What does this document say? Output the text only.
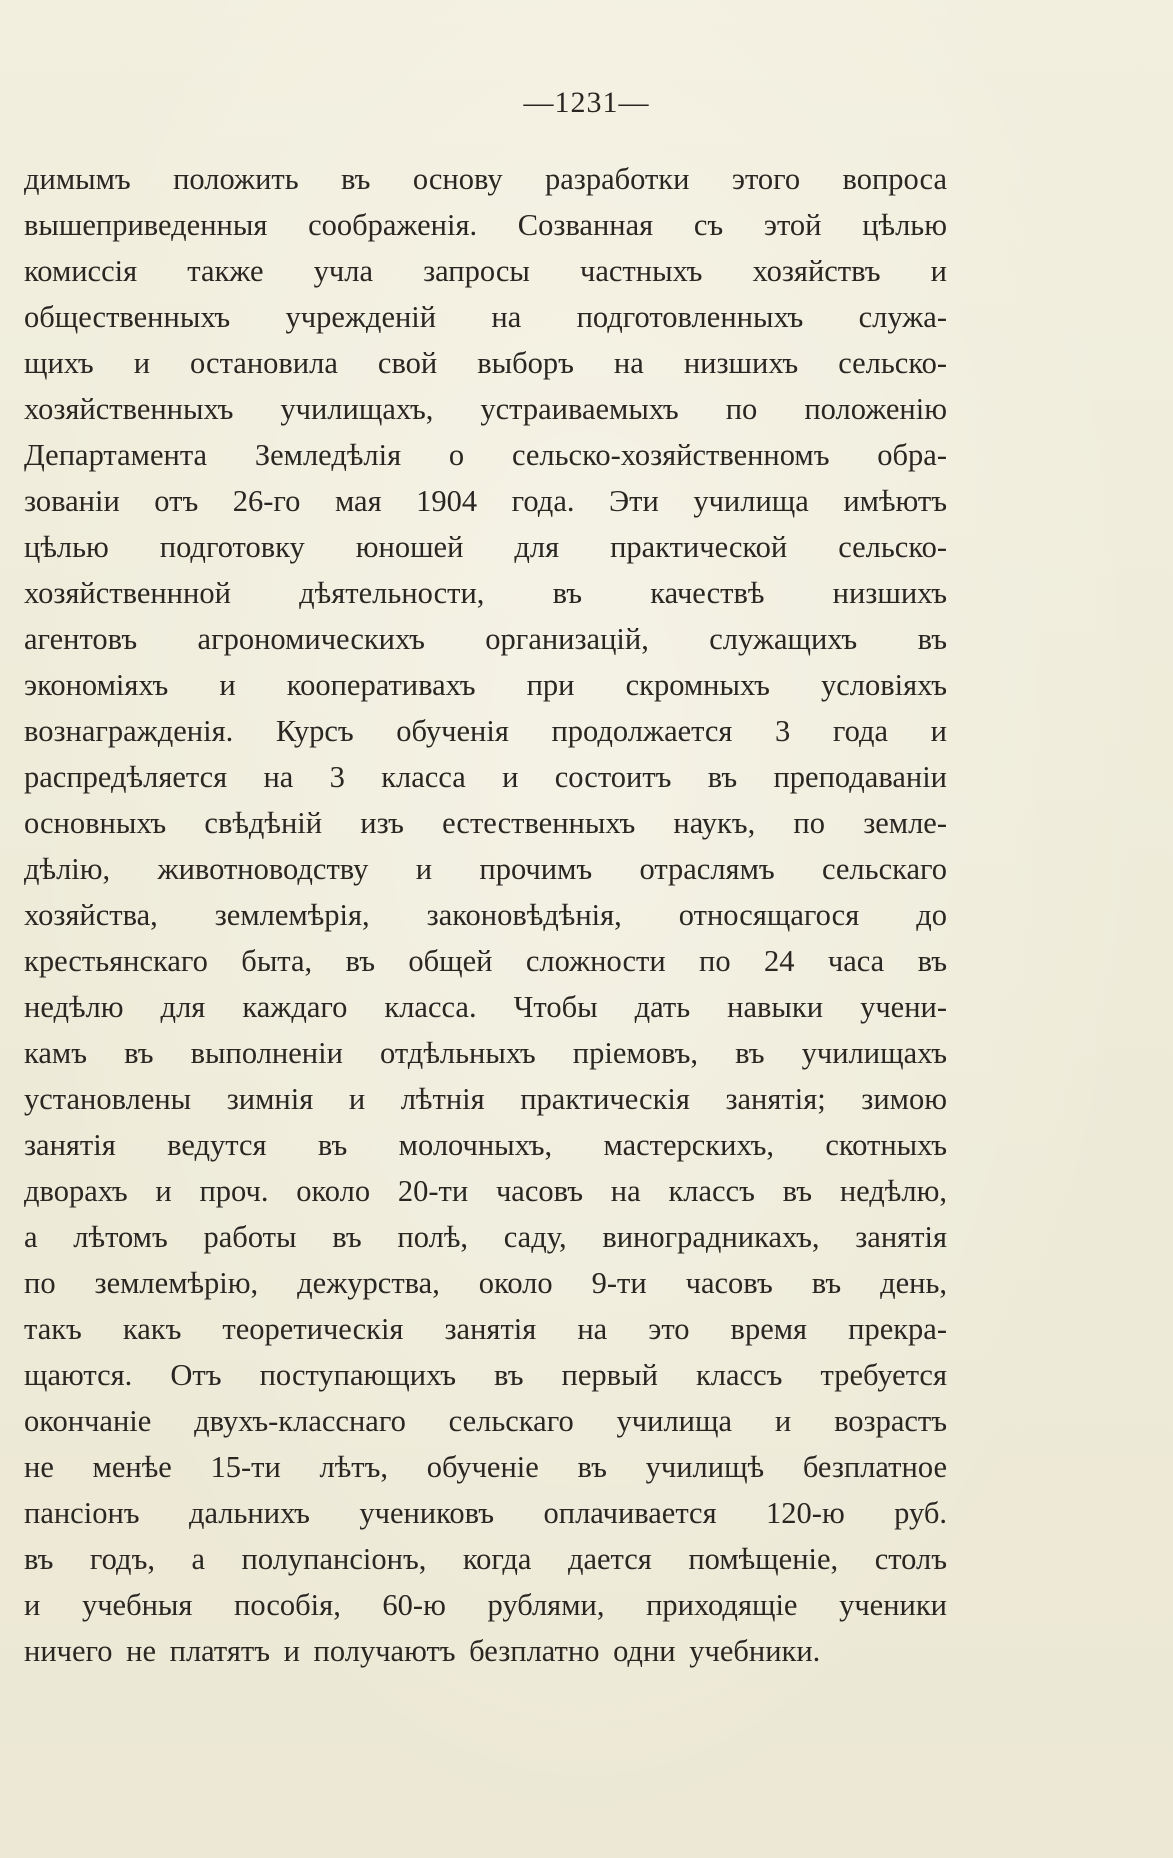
—1231—
димымъ положить въ основу разработки этого вопроса
вышеприведенныя соображенія. Созванная съ этой цѣлью
комиссія также учла запросы частныхъ хозяйствъ и
общественныхъ учрежденій на подготовленныхъ служа-
щихъ и остановила свой выборъ на низшихъ сельско-
хозяйственныхъ училищахъ, устраиваемыхъ по положенію
Департамента Земледѣлія о сельско-хозяйственномъ обра-
зованіи отъ 26-го мая 1904 года. Эти училища имѣютъ
цѣлью подготовку юношей для практической сельско-
хозяйственнной дѣятельности, въ качествѣ низшихъ
агентовъ агрономическихъ организацій, служащихъ въ
экономіяхъ и кооперативахъ при скромныхъ условіяхъ
вознагражденія. Курсъ обученія продолжается 3 года и
распредѣляется на 3 класса и состоитъ въ преподаваніи
основныхъ свѣдѣній изъ естественныхъ наукъ, по земле-
дѣлію, животноводству и прочимъ отраслямъ сельскаго
хозяйства, землемѣрія, законовѣдѣнія, относящагося до
крестьянскаго быта, въ общей сложности по 24 часа въ
недѣлю для каждаго класса. Чтобы дать навыки учени-
камъ въ выполненіи отдѣльныхъ пріемовъ, въ училищахъ
установлены зимнія и лѣтнія практическія занятія; зимою
занятія ведутся въ молочныхъ, мастерскихъ, скотныхъ
дворахъ и проч. около 20-ти часовъ на классъ въ недѣлю,
а лѣтомъ работы въ полѣ, саду, виноградникахъ, занятія
по землемѣрію, дежурства, около 9-ти часовъ въ день,
такъ какъ теоретическія занятія на это время прекра-
щаются. Отъ поступающихъ въ первый классъ требуется
окончаніе двухъ-класснаго сельскаго училища и возрастъ
не менѣе 15-ти лѣтъ, обученіе въ училищѣ безплатное
пансіонъ дальнихъ учениковъ оплачивается 120-ю руб.
въ годъ, а полупансіонъ, когда дается помѣщеніе, столъ
и учебныя пособія, 60-ю рублями, приходящіе ученики
ничего не платятъ и получаютъ безплатно одни учебники.
